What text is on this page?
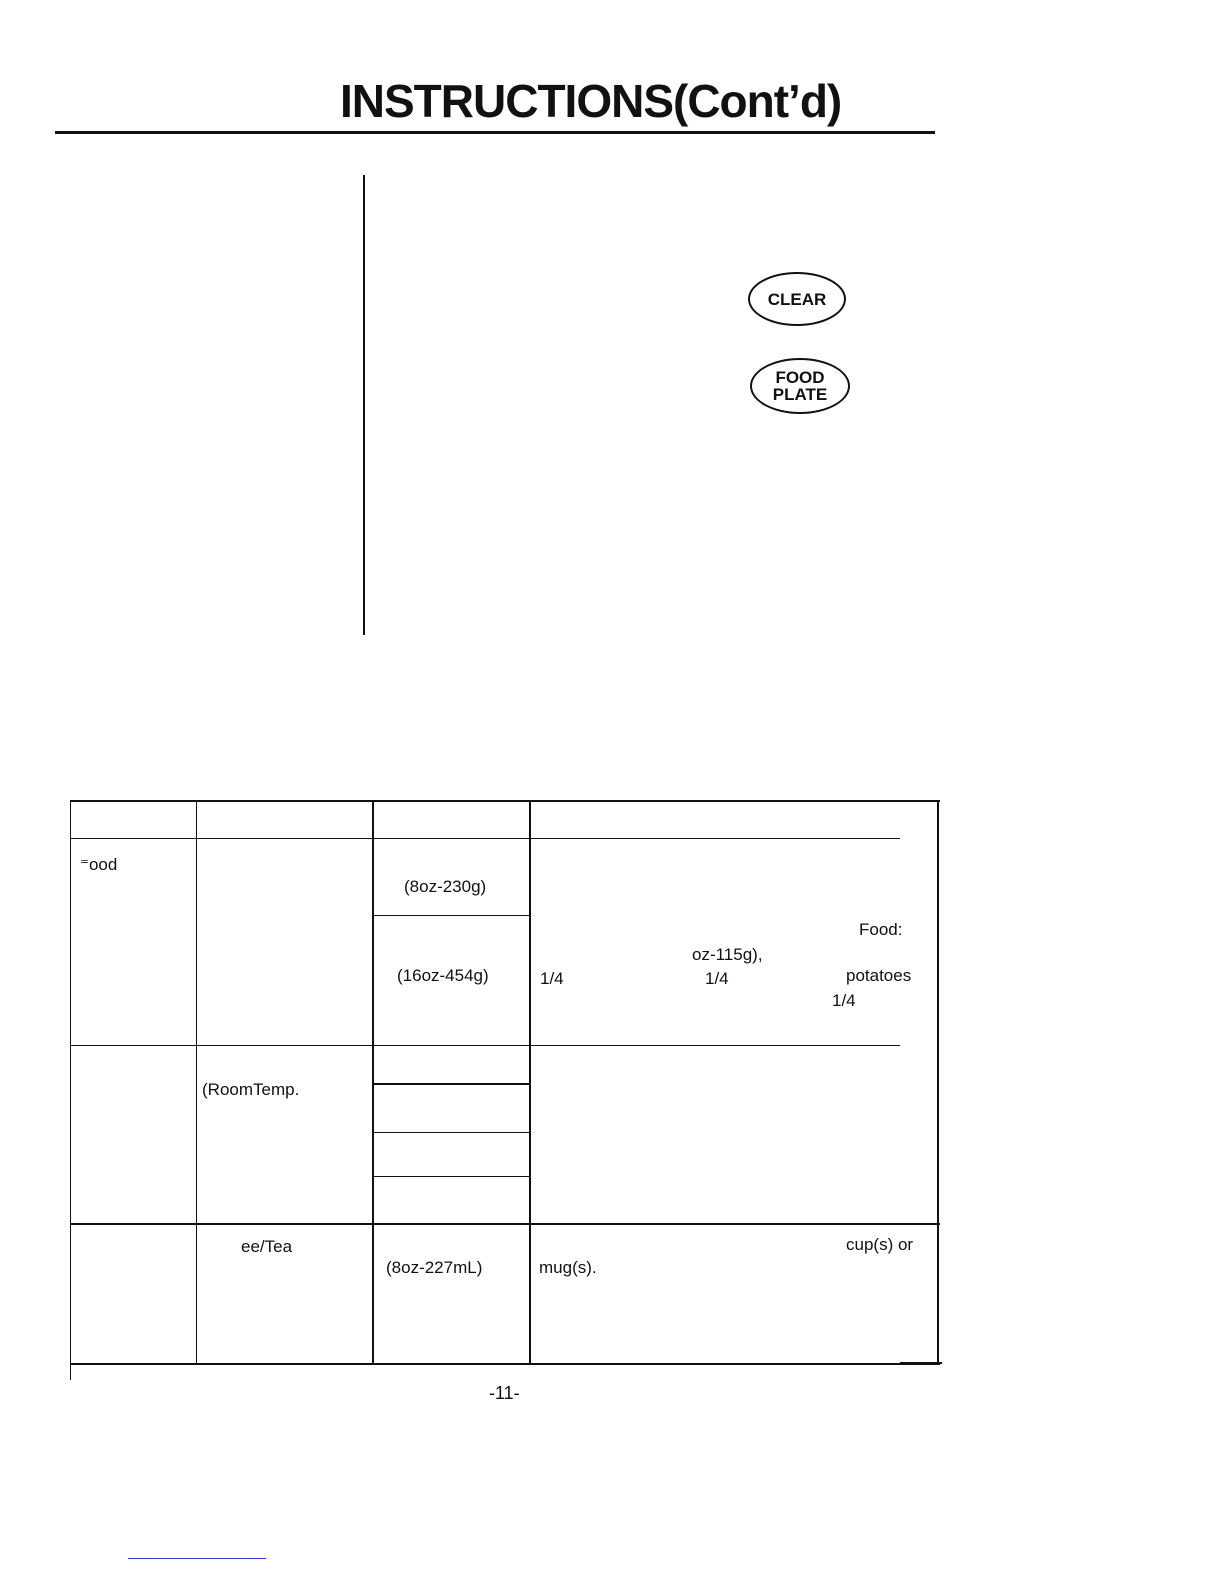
INSTRUCTIONS(Cont’d)
CLEAR
FOOD
PLATE
⁼ood
(8oz-230g)
(16oz-454g)
Food:
oz-115g),
1/4	1/4	potatoes
1/4
(RoomTemp.
ee/Tea
(8oz-227mL)
cup(s) or
mug(s).
-11-
